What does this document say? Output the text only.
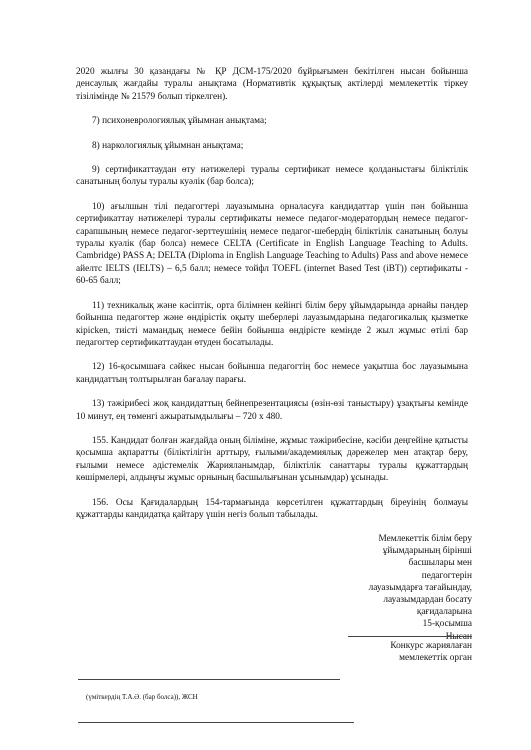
2020 жылғы 30 қазандағы № ҚР ДСМ-175/2020 бұйрығымен бекітілген нысан бойынша денсаулық жағдайы туралы анықтама (Нормативтік құқықтық актілерді мемлекеттік тіркеу тізілімінде № 21579 болып тіркелген).

7) психоневрологиялық ұйымнан анықтама;

8) наркологиялық ұйымнан анықтама;

9) сертификаттаудан өту нәтижелері туралы сертификат немесе қолданыстағы біліктілік санатының болуы туралы куәлік (бар болса);

10) ағылшын тілі педагогтері лауазымына орналасуға кандидаттар үшін пән бойынша сертификаттау нәтижелері туралы сертификаты немесе педагог-модератордың немесе педагог-сарапшының немесе педагог-зерттеушінің немесе педагог-шебердің біліктілік санатының болуы туралы куәлік (бар болса) немесе CELTA (Certificate in English Language Teaching to Adults. Cambridge) PASS A; DELTA (Diploma in English Language Teaching to Adults) Pass and above немесе айелтс IELTS (IELTS) – 6,5 балл; немесе тойфл TOEFL (internet Based Test (iBT)) сертификаты - 60-65 балл;

11) техникалық және кәсіптік, орта білімнен кейінгі білім беру ұйымдарында арнайы пәндер бойынша педагогтер және өндірістік оқыту шеберлері лауазымдарына педагогикалық қызметке кірісken, тиісті мамандық немесе бейін бойынша өндірісте кемінде 2 жыл жұмыс өтілі бар педагогтер сертификаттаудан өтуден босатылады.

12) 16-қосымшаға сәйкес нысан бойынша педагогтің бос немесе уақытша бос лауазымына кандидаттың толтырылған бағалау парағы.

13) тәжірибесі жоқ кандидаттың бейнепрезентациясы (өзін-өзі таныстыру) ұзақтығы кемінде 10 минут, ең төменгі ажыратымдылығы – 720 x 480.

155. Кандидат болған жағдайда оның біліміне, жұмыс тәжірибесіне, кәсіби деңгейіне қатысты қосымша ақпаратты (біліктілігін арттыру, ғылыми/академиялық дәрежелер мен атақтар беру, ғылыми немесе әдістемелік Жарияланымдар, біліктілік санаттары туралы құжаттардың көшірмелері, алдыңғы жұмыс орнының басшылығынан ұсынымдар) ұсынады.

156. Осы Қағидалардың 154-тармағында көрсетілген құжаттардың біреуінің болмауы құжаттарды кандидатқа қайтару үшін негіз болып табылады.

Мемлекеттік білім беру
ұйымдарының бірінші
басшылары мен педагогтерін
лауазымдарға тағайындау,
лауазымдардан босату
қағидаларына
15-қосымша
Нысан
Конкурс жариялаған
мемлекеттік орган
(үміткердің Т.А.Ә. (бар болса)), ЖСН
